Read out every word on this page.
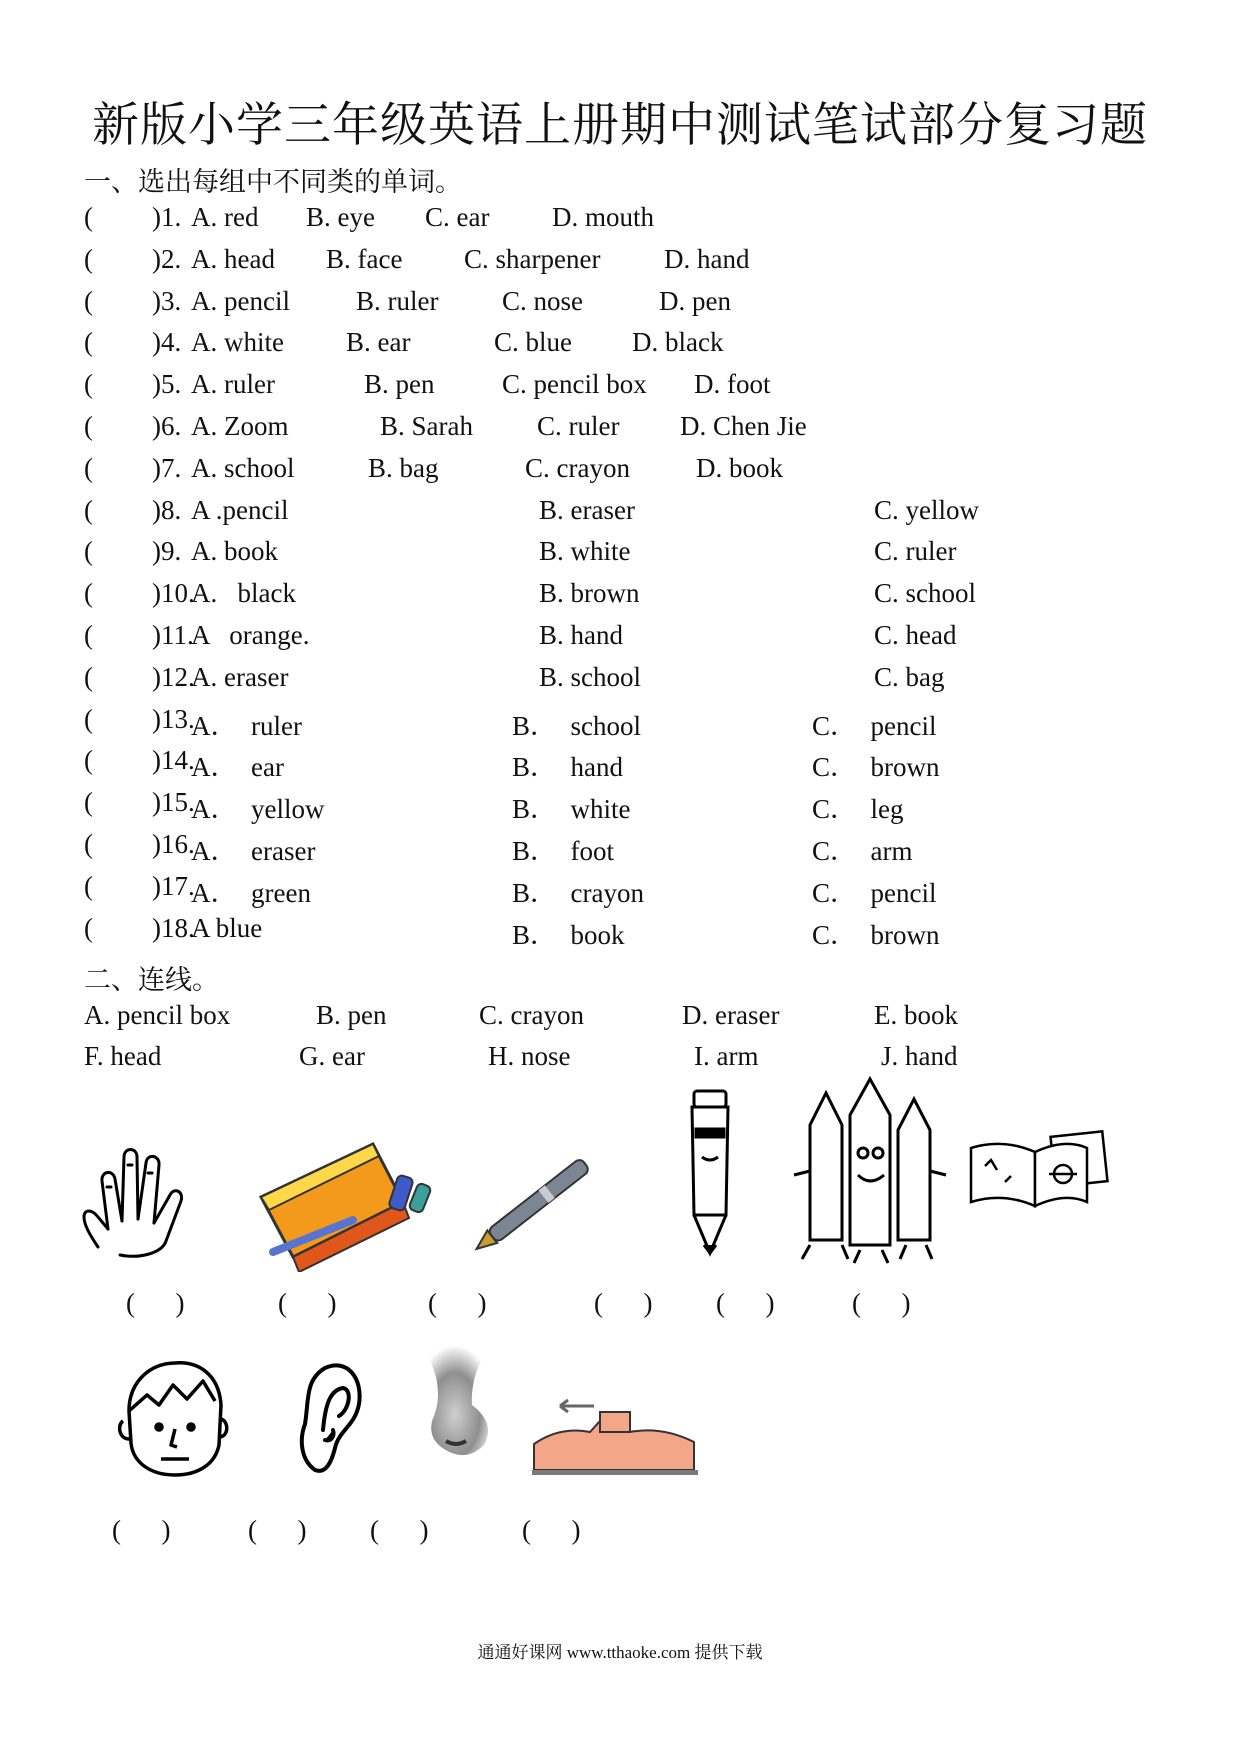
新版小学三年级英语上册期中测试笔试部分复习题
一、选出每组中不同类的单词。
( )1. A. red B. eye C. ear D. mouth
( )2. A. head B. face C. sharpener D. hand
( )3. A. pencil B. ruler C. nose	D. pen
( )4. A. white B. ear	C. blue D. black
( )5. A. ruler	B. pen	C. pencil box D. foot
( )6. A. Zoom	B. Sarah C. ruler D. Chen Jie
( )7. A. school	B. bag	C. crayon D. book
( )8. A .pencil	B. eraser	C. yellow
( )9. A. book	B. white	C. ruler
( )10.
A.   black	B. brown	C. school
( )11.
A   orange.	B. hand	C. head
( )12.
A. eraser	B. school	C. bag
( )13.
A．  ruler	B．  school	C．  pencil
( )14.
A．  ear	B．  hand	C．  brown
( )15.
A．  yellow	B．  white	C．  leg
( )16.
A．  eraser	B．  foot	C．  arm
( )17.
A．  green	B．  crayon	C．  pencil
( )18.
A blue	B．  book	C．  brown
二、连线。
A. pencil box	B. pen	C. crayon	D. eraser	E. book
F. head	G. ear	H. nose	I. arm	J. hand
(      )	(      )	(      )	(      ) (      )	(      )
(      )	(      ) (      )	(      )
通通好课网 www.tthaoke.com 提供下载
